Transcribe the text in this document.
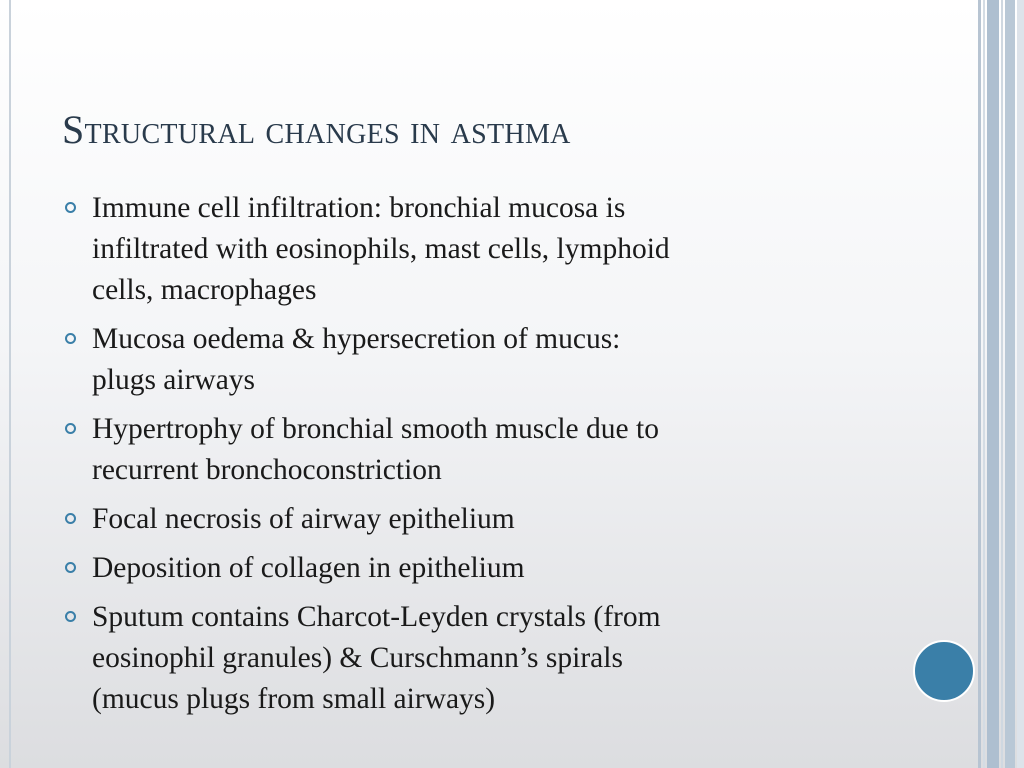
Structural changes in asthma
Immune cell infiltration: bronchial mucosa is
infiltrated with eosinophils, mast cells, lymphoid
cells, macrophages
Mucosa oedema & hypersecretion of mucus:
plugs airways
Hypertrophy of bronchial smooth muscle due to
recurrent bronchoconstriction
Focal necrosis of airway epithelium
Deposition of collagen in epithelium
Sputum contains Charcot-Leyden crystals (from
eosinophil granules) & Curschmann’s spirals
(mucus plugs from small airways)
